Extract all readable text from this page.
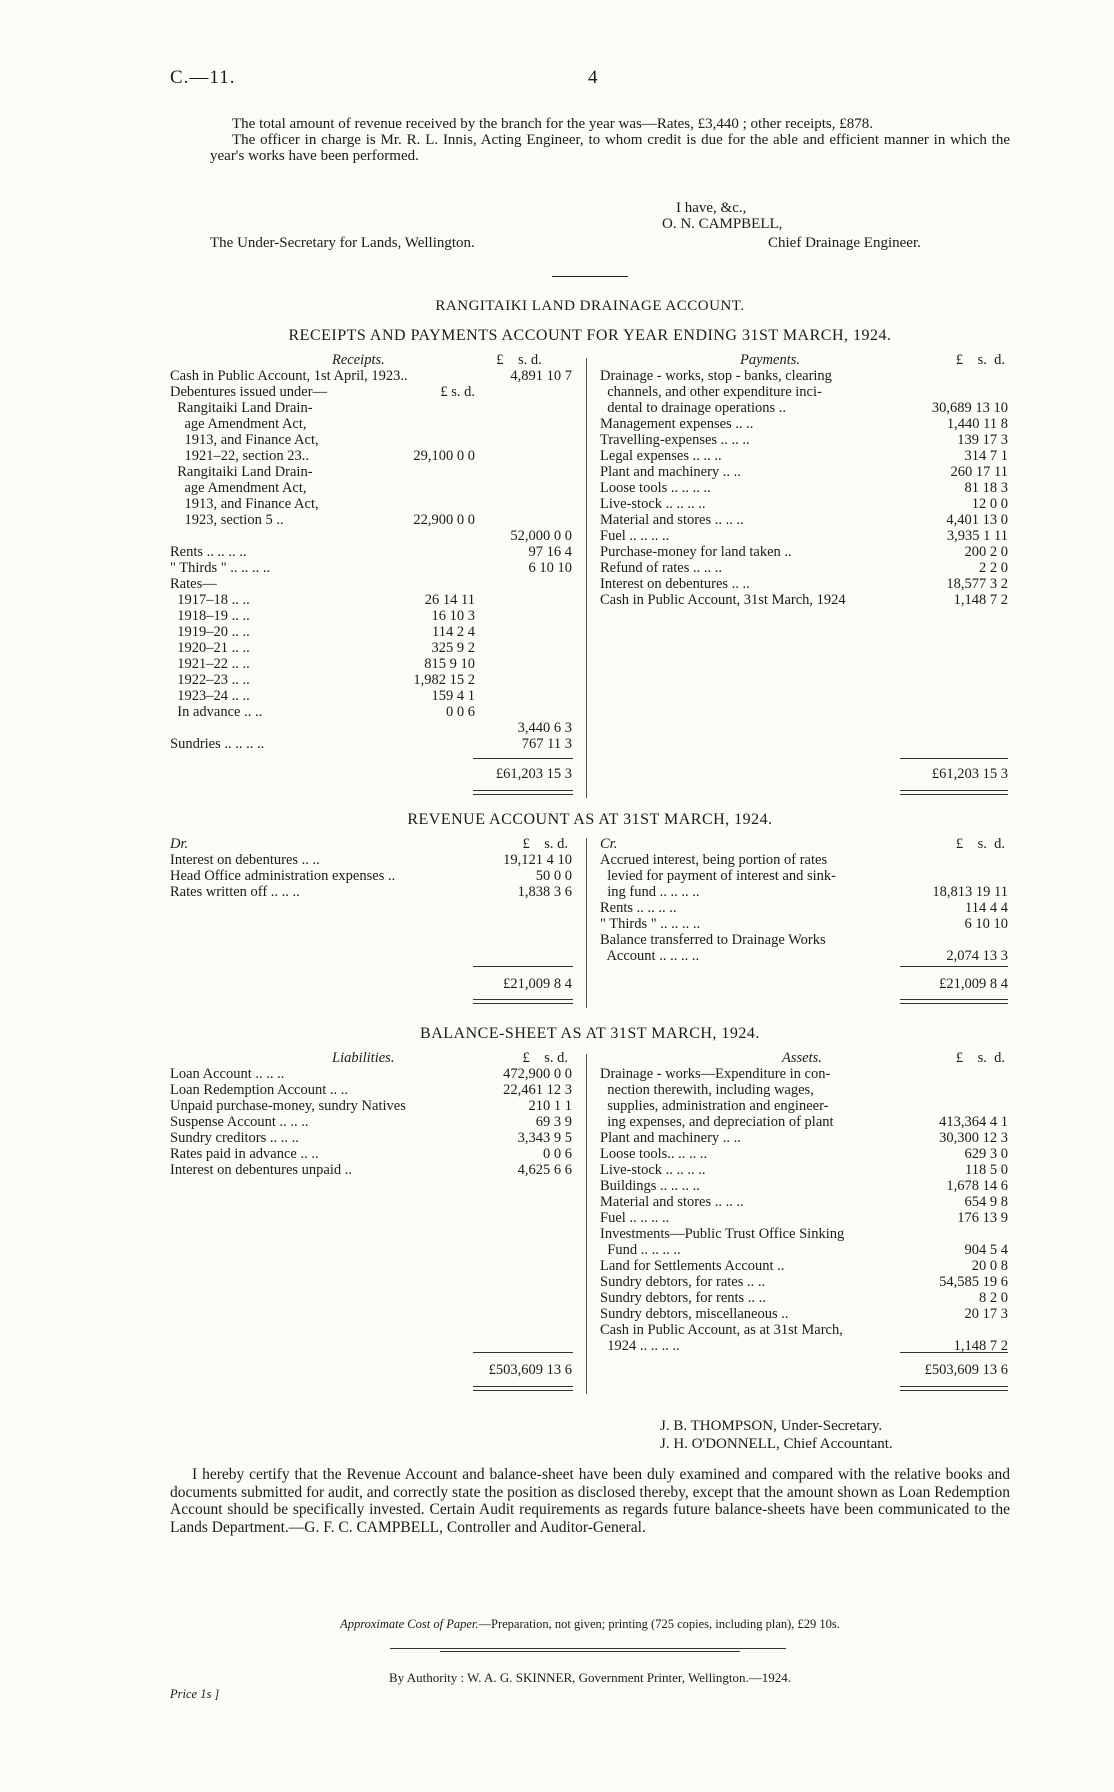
C.—11.	4

The total amount of revenue received by the branch for the year was—Rates, £3,440 ; other receipts, £878.

The officer in charge is Mr. R. L. Innis, Acting Engineer, to whom credit is due for the able and efficient manner in which the year's works have been performed.

I have, &c.,
O. N. CAMPBELL,
The Under-Secretary for Lands, Wellington.	Chief Drainage Engineer.
RANGITAIKI LAND DRAINAGE ACCOUNT.
RECEIPTS AND PAYMENTS ACCOUNT FOR YEAR ENDING 31ST MARCH, 1924.
Receipts.	£ s. d.
Cash in Public Account, 1st April, 1923..	4,891 10 7
Debentures issued under—	£ s. d.
Rangitaiki Land Drain-
age Amendment Act,
1913, and Finance Act,
1921–22, section 23..	29,100 0 0
Rangitaiki Land Drain-
age Amendment Act,
1913, and Finance Act,
1923, section 5 ..	22,900 0 0
52,000 0 0
Rents .. .. .. ..	97 16 4
" Thirds " .. .. .. ..	6 10 10
Rates—
1917–18 .. ..	26 14 11
1918–19 .. ..	16 10 3
1919–20 .. ..	114 2 4
1920–21 .. ..	325 9 2
1921–22 .. ..	815 9 10
1922–23 .. ..	1,982 15 2
1923–24 .. ..	159 4 1
In advance .. ..	0 0 6
3,440 6 3
Sundries .. .. .. ..	767 11 3
£61,203 15 3
Payments.	£ s. d.
Drainage - works, stop - banks, clearing
channels, and other expenditure inci-
dental to drainage operations ..	30,689 13 10
Management expenses .. ..	1,440 11 8
Travelling-expenses .. .. ..	139 17 3
Legal expenses .. .. ..	314 7 1
Plant and machinery .. ..	260 17 11
Loose tools .. .. .. ..	81 18 3
Live-stock .. .. .. ..	12 0 0
Material and stores .. .. ..	4,401 13 0
Fuel .. .. .. ..	3,935 1 11
Purchase-money for land taken ..	200 2 0
Refund of rates .. .. ..	2 2 0
Interest on debentures .. ..	18,577 3 2
Cash in Public Account, 31st March, 1924	1,148 7 2
£61,203 15 3
REVENUE ACCOUNT AS AT 31ST MARCH, 1924.
Dr.	£ s. d.
Interest on debentures .. ..	19,121 4 10
Head Office administration expenses ..	50 0 0
Rates written off .. .. ..	1,838 3 6
£21,009 8 4
Cr.	£ s. d.
Accrued interest, being portion of rates
levied for payment of interest and sink-
ing fund .. .. .. ..	18,813 19 11
Rents .. .. .. ..	114 4 4
" Thirds " .. .. .. ..	6 10 10
Balance transferred to Drainage Works
Account .. .. .. ..	2,074 13 3
£21,009 8 4
BALANCE-SHEET AS AT 31ST MARCH, 1924.
Liabilities.	£ s. d.
Loan Account .. .. ..	472,900 0 0
Loan Redemption Account .. ..	22,461 12 3
Unpaid purchase-money, sundry Natives	210 1 1
Suspense Account .. .. ..	69 3 9
Sundry creditors .. .. ..	3,343 9 5
Rates paid in advance .. ..	0 0 6
Interest on debentures unpaid ..	4,625 6 6
£503,609 13 6
Assets.	£ s. d.
Drainage - works—Expenditure in con-
nection therewith, including wages,
supplies, administration and engineer-
ing expenses, and depreciation of plant	413,364 4 1
Plant and machinery .. ..	30,300 12 3
Loose tools.. .. .. ..	629 3 0
Live-stock .. .. .. ..	118 5 0
Buildings .. .. .. ..	1,678 14 6
Material and stores .. .. ..	654 9 8
Fuel .. .. .. ..	176 13 9
Investments—Public Trust Office Sinking
Fund .. .. .. ..	904 5 4
Land for Settlements Account ..	20 0 8
Sundry debtors, for rates .. ..	54,585 19 6
Sundry debtors, for rents .. ..	8 2 0
Sundry debtors, miscellaneous ..	20 17 3
Cash in Public Account, as at 31st March,
1924 .. .. .. ..	1,148 7 2
£503,609 13 6
J. B. THOMPSON, Under-Secretary.
J. H. O'DONNELL, Chief Accountant.

I hereby certify that the Revenue Account and balance-sheet have been duly examined and compared with the relative books and documents submitted for audit, and correctly state the position as disclosed thereby, except that the amount shown as Loan Redemption Account should be specifically invested. Certain Audit requirements as regards future balance-sheets have been communicated to the Lands Department.—G. F. C. CAMPBELL, Controller and Auditor-General.

Approximate Cost of Paper.—Preparation, not given; printing (725 copies, including plan), £29 10s.
By Authority : W. A. G. SKINNER, Government Printer, Wellington.—1924.
Price 1s ]
